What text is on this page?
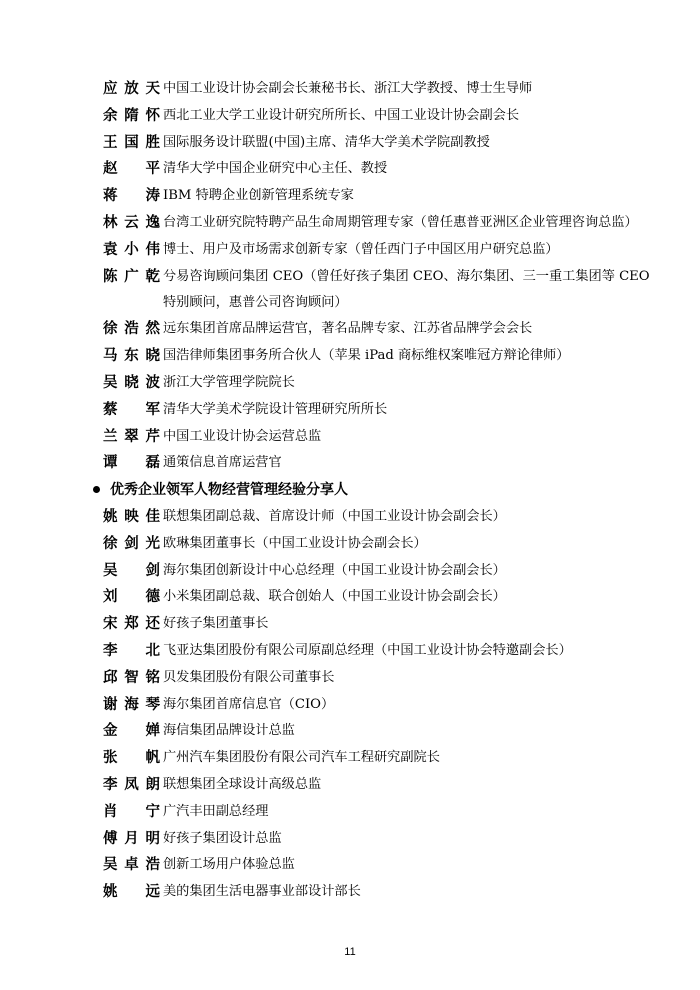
应放天 中国工业设计协会副会长兼秘书长、浙江大学教授、博士生导师
余隋怀 西北工业大学工业设计研究所所长、中国工业设计协会副会长
王国胜 国际服务设计联盟(中国)主席、清华大学美术学院副教授
赵平 清华大学中国企业研究中心主任、教授
蒋涛 IBM 特聘企业创新管理系统专家
林云逸 台湾工业研究院特聘产品生命周期管理专家（曾任惠普亚洲区企业管理咨询总监）
袁小伟 博士、用户及市场需求创新专家（曾任西门子中国区用户研究总监）
陈广乾 兮易咨询顾问集团 CEO（曾任好孩子集团 CEO、海尔集团、三一重工集团等 CEO
特别顾问，惠普公司咨询顾问）
徐浩然 远东集团首席品牌运营官，著名品牌专家、江苏省品牌学会会长
马东晓 国浩律师集团事务所合伙人（苹果 iPad 商标维权案唯冠方辩论律师）
吴晓波 浙江大学管理学院院长
蔡军 清华大学美术学院设计管理研究所所长
兰翠芹 中国工业设计协会运营总监
谭磊 通策信息首席运营官
优秀企业领军人物经营管理经验分享人
姚映佳 联想集团副总裁、首席设计师（中国工业设计协会副会长）
徐剑光 欧琳集团董事长（中国工业设计协会副会长）
吴剑 海尔集团创新设计中心总经理（中国工业设计协会副会长）
刘德 小米集团副总裁、联合创始人（中国工业设计协会副会长）
宋郑还 好孩子集团董事长
李北 飞亚达集团股份有限公司原副总经理（中国工业设计协会特邀副会长）
邱智铭 贝发集团股份有限公司董事长
谢海琴 海尔集团首席信息官（CIO）
金婵 海信集团品牌设计总监
张帆 广州汽车集团股份有限公司汽车工程研究副院长
李凤朗 联想集团全球设计高级总监
肖宁 广汽丰田副总经理
傅月明 好孩子集团设计总监
吴卓浩 创新工场用户体验总监
姚远 美的集团生活电器事业部设计部长
11
